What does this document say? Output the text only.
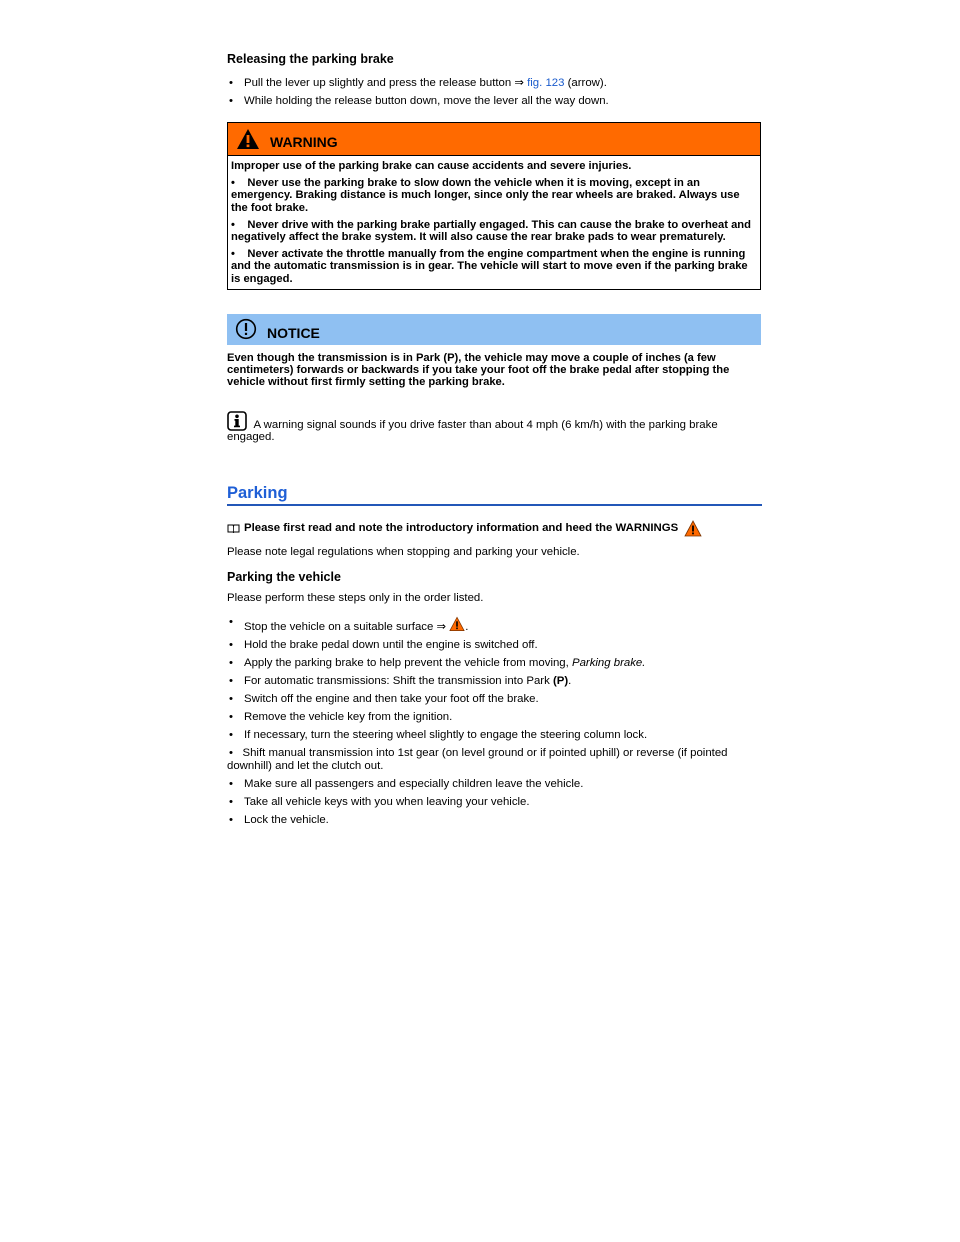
Releasing the parking brake
• Pull the lever up slightly and press the release button ⇒ fig. 123 (arrow).
• While holding the release button down, move the lever all the way down.
WARNING

Improper use of the parking brake can cause accidents and severe injuries.

• Never use the parking brake to slow down the vehicle when it is moving, except in an emergency. Braking distance is much longer, since only the rear wheels are braked. Always use the foot brake.

• Never drive with the parking brake partially engaged. This can cause the brake to overheat and negatively affect the brake system. It will also cause the rear brake pads to wear prematurely.

• Never activate the throttle manually from the engine compartment when the engine is running and the automatic transmission is in gear. The vehicle will start to move even if the parking brake is engaged.

NOTICE
Even though the transmission is in Park (P), the vehicle may move a couple of inches (a few centimeters) forwards or backwards if you take your foot off the brake pedal after stopping the vehicle without first firmly setting the parking brake.
A warning signal sounds if you drive faster than about 4 mph (6 km/h) with the parking brake engaged.
Parking
Please first read and note the introductory information and heed the WARNINGS
Please note legal regulations when stopping and parking your vehicle.
Parking the vehicle
Please perform these steps only in the order listed.
• Stop the vehicle on a suitable surface ⇒ .
• Hold the brake pedal down until the engine is switched off.
• Apply the parking brake to help prevent the vehicle from moving, Parking brake.
• For automatic transmissions: Shift the transmission into Park (P).
• Switch off the engine and then take your foot off the brake.
• Remove the vehicle key from the ignition.
• If necessary, turn the steering wheel slightly to engage the steering column lock.
• Shift manual transmission into 1st gear (on level ground or if pointed uphill) or reverse (if pointed downhill) and let the clutch out.
• Make sure all passengers and especially children leave the vehicle.
• Take all vehicle keys with you when leaving your vehicle.
• Lock the vehicle.
